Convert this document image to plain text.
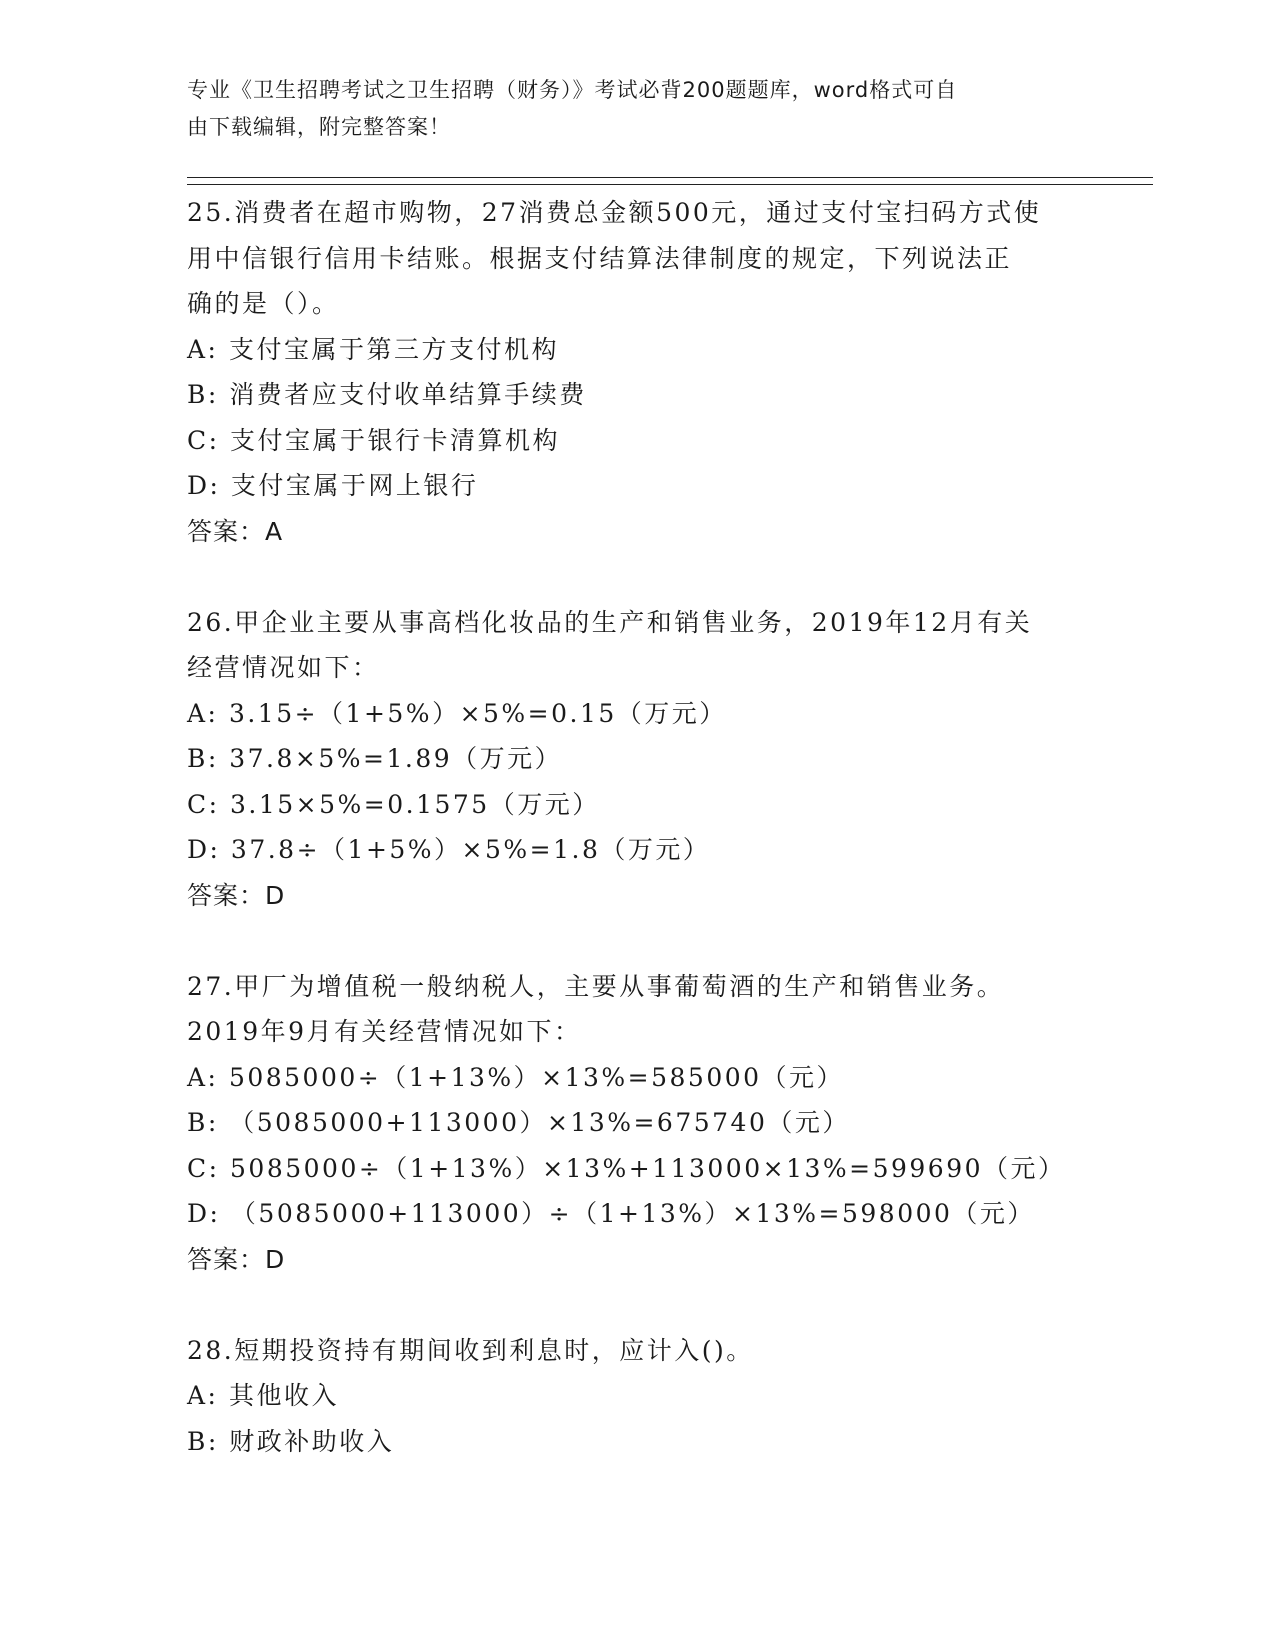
专业《卫生招聘考试之卫生招聘（财务）》考试必背200题题库，word格式可自
由下载编辑，附完整答案！
25.消费者在超市购物，27消费总金额500元，通过支付宝扫码方式使
用中信银行信用卡结账。根据支付结算法律制度的规定，下列说法正
确的是（）。
A: 支付宝属于第三方支付机构
B: 消费者应支付收单结算手续费
C: 支付宝属于银行卡清算机构
D: 支付宝属于网上银行
答案：A
26.甲企业主要从事高档化妆品的生产和销售业务，2019年12月有关
经营情况如下：
A: 3.15÷（1+5%）×5%=0.15（万元）
B: 37.8×5%=1.89（万元）
C: 3.15×5%=0.1575（万元）
D: 37.8÷（1+5%）×5%=1.8（万元）
答案：D
27.甲厂为增值税一般纳税人，主要从事葡萄酒的生产和销售业务。
2019年9月有关经营情况如下：
A: 5085000÷（1+13%）×13%=585000（元）
B: （5085000+113000）×13%=675740（元）
C: 5085000÷（1+13%）×13%+113000×13%=599690（元）
D: （5085000+113000）÷（1+13%）×13%=598000（元）
答案：D
28.短期投资持有期间收到利息时，应计入()。
A: 其他收入
B: 财政补助收入
